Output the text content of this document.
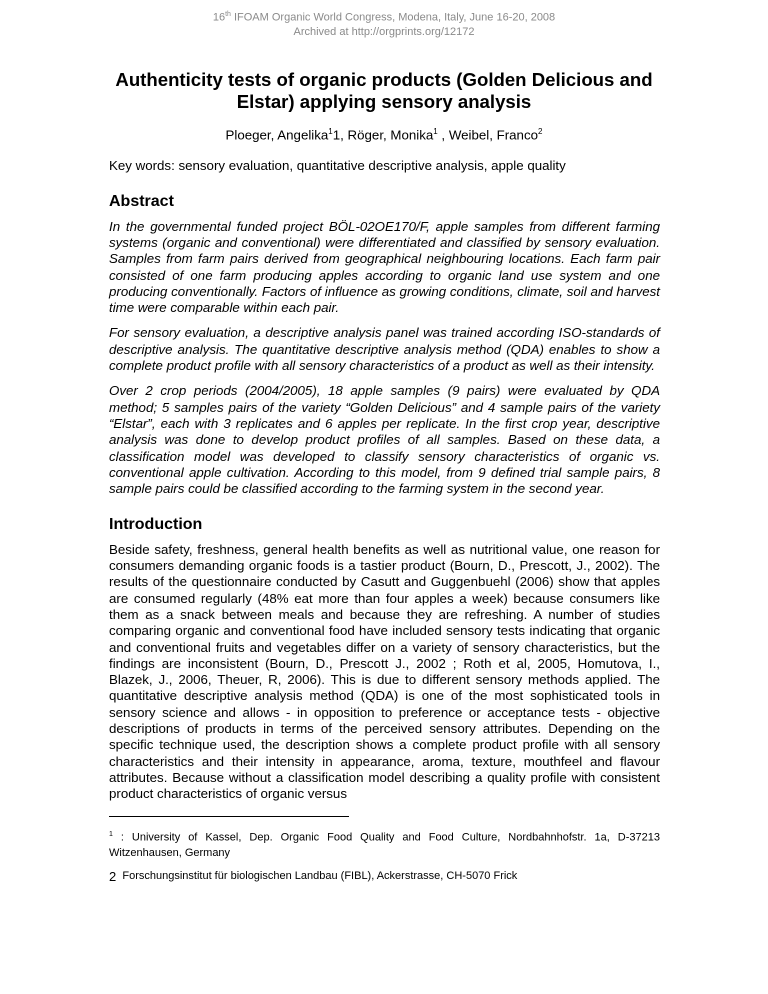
16th IFOAM Organic World Congress, Modena, Italy, June 16-20, 2008
Archived at http://orgprints.org/12172
Authenticity tests of organic products (Golden Delicious and Elstar) applying sensory analysis
Ploeger, Angelika$^1$1, Röger, Monika$^1$ , Weibel, Franco$^2$

Key words: sensory evaluation, quantitative descriptive analysis, apple quality

Abstract

In the governmental funded project BÖL-02OE170/F, apple samples from different farming systems (organic and conventional) were differentiated and classified by sensory evaluation. Samples from farm pairs derived from geographical neighbouring locations. Each farm pair consisted of one farm producing apples according to organic land use system and one producing conventionally. Factors of influence as growing conditions, climate, soil and harvest time were comparable within each pair.

For sensory evaluation, a descriptive analysis panel was trained according ISO-standards of descriptive analysis. The quantitative descriptive analysis method (QDA) enables to show a complete product profile with all sensory characteristics of a product as well as their intensity.

Over 2 crop periods (2004/2005), 18 apple samples (9 pairs) were evaluated by QDA method; 5 samples pairs of the variety “Golden Delicious” and 4 sample pairs of the variety “Elstar”, each with 3 replicates and 6 apples per replicate. In the first crop year, descriptive analysis was done to develop product profiles of all samples. Based on these data, a classification model was developed to classify sensory characteristics of organic vs. conventional apple cultivation. According to this model, from 9 defined trial sample pairs, 8 sample pairs could be classified according to the farming system in the second year.

Introduction

Beside safety, freshness, general health benefits as well as nutritional value, one reason for consumers demanding organic foods is a tastier product (Bourn, D., Prescott, J., 2002). The results of the questionnaire conducted by Casutt and Guggenbuehl (2006) show that apples are consumed regularly (48% eat more than four apples a week) because consumers like them as a snack between meals and because they are refreshing. A number of studies comparing organic and conventional food have included sensory tests indicating that organic and conventional fruits and vegetables differ on a variety of sensory characteristics, but the findings are inconsistent (Bourn, D., Prescott J., 2002 ; Roth et al, 2005, Homutova, I., Blazek, J., 2006, Theuer, R, 2006). This is due to different sensory methods applied. The quantitative descriptive analysis method (QDA) is one of the most sophisticated tools in sensory science and allows - in opposition to preference or acceptance tests - objective descriptions of products in terms of the perceived sensory attributes. Depending on the specific technique used, the description shows a complete product profile with all sensory characteristics and their intensity in appearance, aroma, texture, mouthfeel and flavour attributes. Because without a classification model describing a quality profile with consistent product characteristics of organic versus

$^1$ : University of Kassel, Dep. Organic Food Quality and Food Culture, Nordbahnhofstr. 1a, D-37213 Witzenhausen, Germany
2 Forschungsinstitut für biologischen Landbau (FIBL), Ackerstrasse, CH-5070 Frick
